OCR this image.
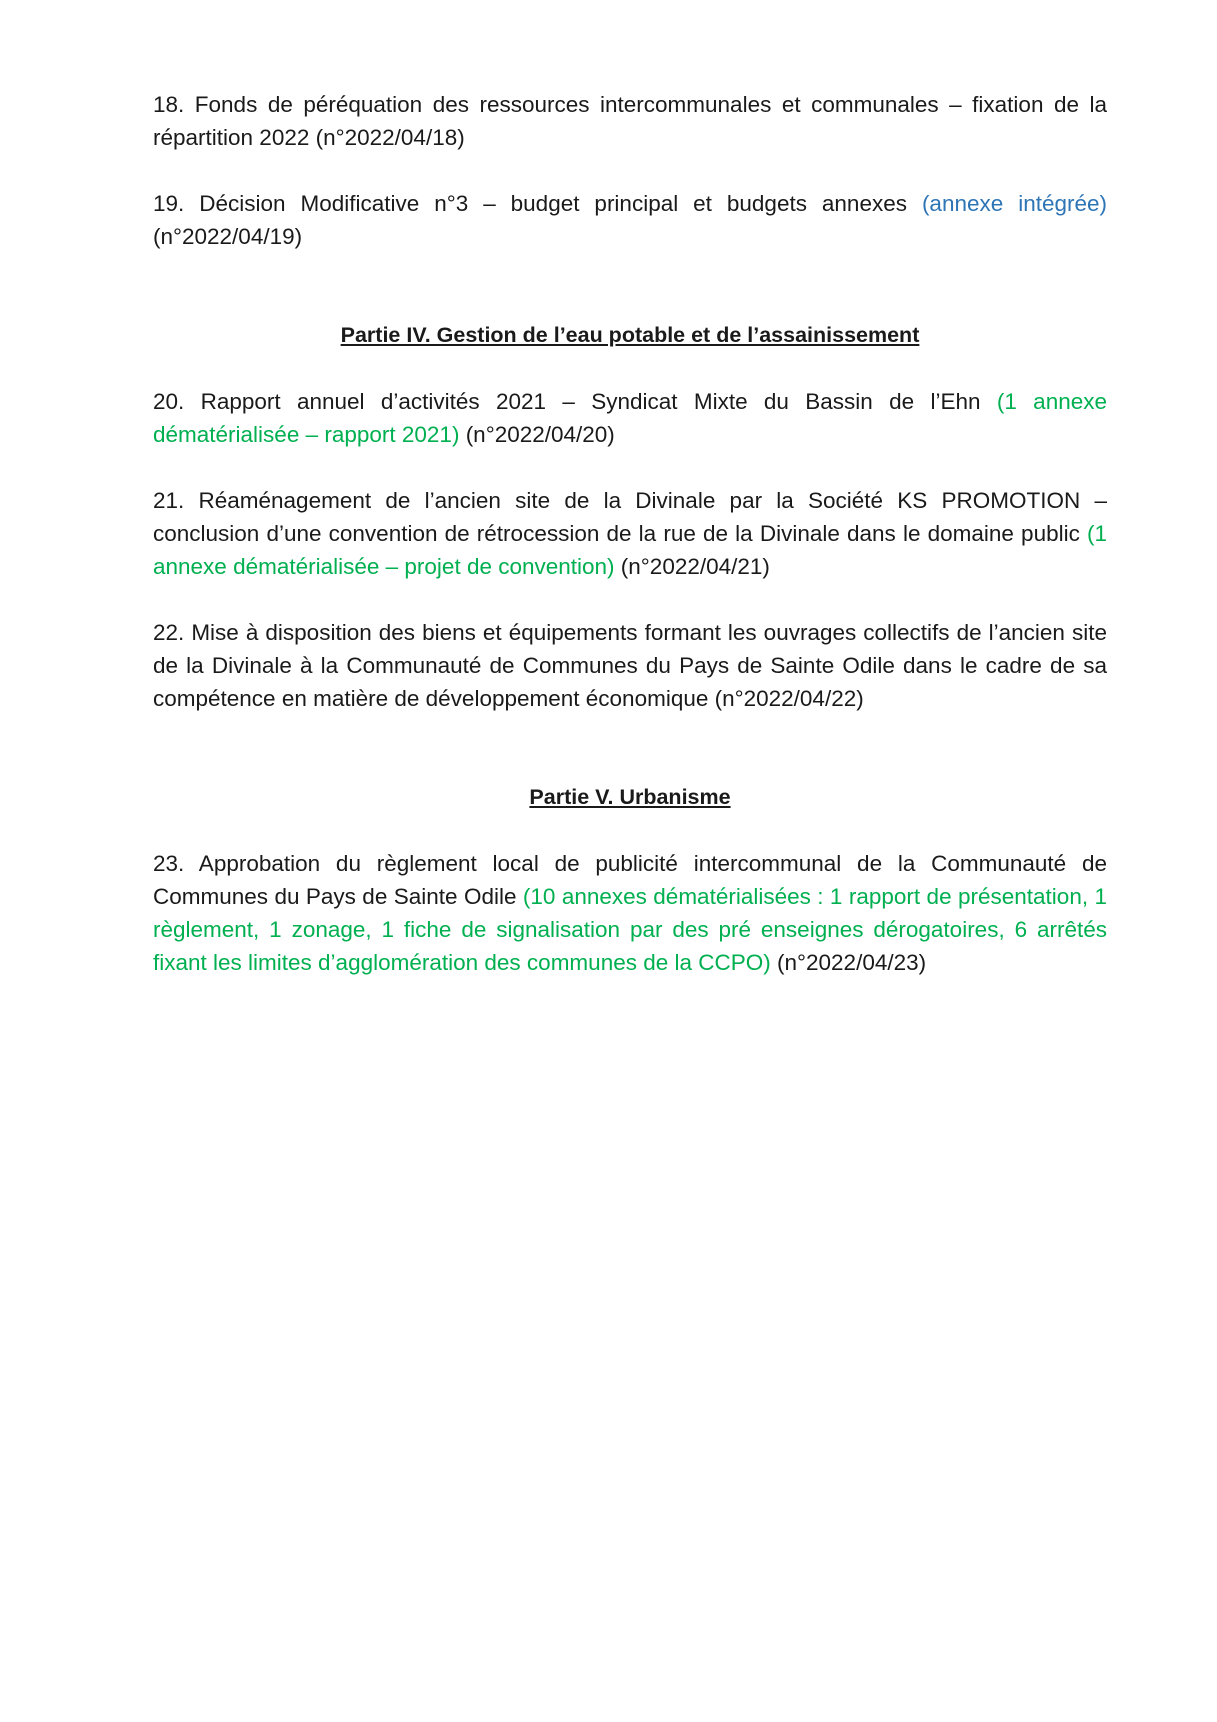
18. Fonds de péréquation des ressources intercommunales et communales – fixation de la répartition 2022 (n°2022/04/18)

19. Décision Modificative n°3 – budget principal et budgets annexes (annexe intégrée) (n°2022/04/19)

Partie IV. Gestion de l’eau potable et de l’assainissement

20. Rapport annuel d’activités 2021 – Syndicat Mixte du Bassin de l’Ehn (1 annexe dématérialisée – rapport 2021) (n°2022/04/20)

21. Réaménagement de l’ancien site de la Divinale par la Société KS PROMOTION – conclusion d’une convention de rétrocession de la rue de la Divinale dans le domaine public (1 annexe dématérialisée – projet de convention) (n°2022/04/21)

22. Mise à disposition des biens et équipements formant les ouvrages collectifs de l’ancien site de la Divinale à la Communauté de Communes du Pays de Sainte Odile dans le cadre de sa compétence en matière de développement économique (n°2022/04/22)

Partie V. Urbanisme

23. Approbation du règlement local de publicité intercommunal de la Communauté de Communes du Pays de Sainte Odile (10 annexes dématérialisées : 1 rapport de présentation, 1 règlement, 1 zonage, 1 fiche de signalisation par des pré enseignes dérogatoires, 6 arrêtés fixant les limites d’agglomération des communes de la CCPO) (n°2022/04/23)
